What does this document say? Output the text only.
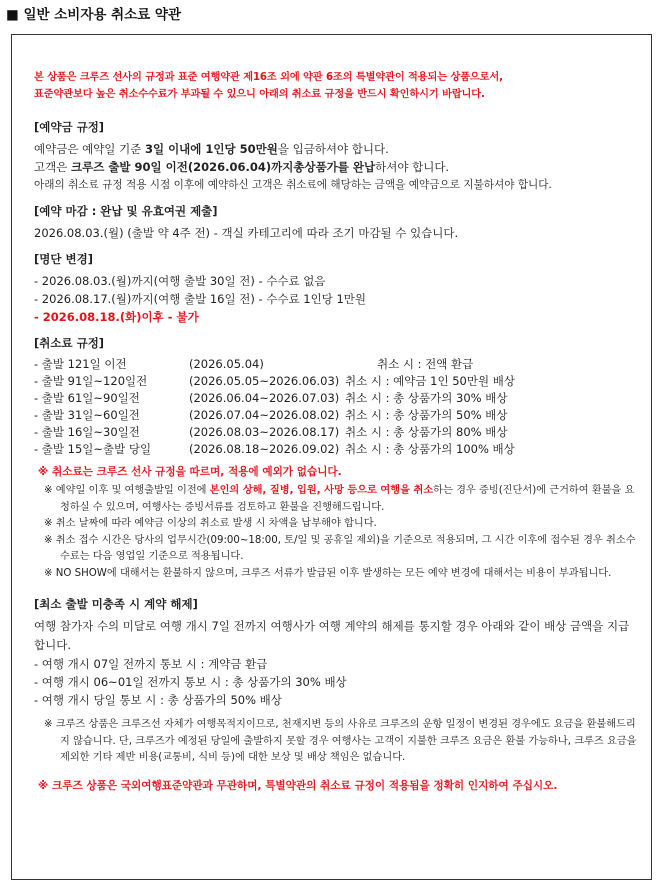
■ 일반 소비자용 취소료 약관
본 상품은 크루즈 선사의 규정과 표준 여행약관 제16조 외에 약관 6조의 특별약관이 적용되는 상품으로서,
표준약관보다 높은 취소수수료가 부과될 수 있으니 아래의 취소료 규정을 반드시 확인하시기 바랍니다.
[예약금 규정]
예약금은 예약일 기준 3일 이내에 1인당 50만원을 입금하셔야 합니다.
고객은 크루즈 출발 90일 이전(2026.06.04)까지총상품가를 완납하셔야 합니다.
아래의 취소료 규정 적용 시점 이후에 예약하신 고객은 취소료에 해당하는 금액을 예약금으로 지불하셔야 합니다.
[예약 마감 : 완납 및 유효여권 제출]
2026.08.03.(월) (출발 약 4주 전) - 객실 카테고리에 따라 조기 마감될 수 있습니다.
[명단 변경]
- 2026.08.03.(월)까지(여행 출발 30일 전) - 수수료 없음
- 2026.08.17.(월)까지(여행 출발 16일 전) - 수수료 1인당 1만원
- 2026.08.18.(화)이후 - 불가
[취소료 규정]
- 출발 121일 이전	(2026.05.04)	취소 시 : 전액 환급
- 출발 91일~120일전	(2026.05.05~2026.06.03) 취소 시 : 예약금 1인 50만원 배상
- 출발 61일~90일전	(2026.06.04~2026.07.03) 취소 시 : 총 상품가의 30% 배상
- 출발 31일~60일전	(2026.07.04~2026.08.02) 취소 시 : 총 상품가의 50% 배상
- 출발 16일~30일전	(2026.08.03~2026.08.17) 취소 시 : 총 상품가의 80% 배상
- 출발 15일~출발 당일	(2026.08.18~2026.09.02) 취소 시 : 총 상품가의 100% 배상
※ 취소료는 크루즈 선사 규정을 따르며, 적용에 예외가 없습니다.
※ 예약일 이후 및 여행출발일 이전에 본인의 상해, 질병, 입원, 사망 등으로 여행을 취소하는 경우 증빙(진단서)에 근거하여 환불을 요청하실 수 있으며, 여행사는 증빙서류를 검토하고 환불을 진행해드립니다.
※ 취소 날짜에 따라 예약금 이상의 취소료 발생 시 차액을 납부해야 합니다.
※ 취소 접수 시간은 당사의 업무시간(09:00~18:00, 토/일 및 공휴일 제외)을 기준으로 적용되며, 그 시간 이후에 접수된 경우 취소수수료는 다음 영업일 기준으로 적용됩니다.
※ NO SHOW에 대해서는 환불하지 않으며, 크루즈 서류가 발급된 이후 발생하는 모든 예약 변경에 대해서는 비용이 부과됩니다.
[최소 출발 미충족 시 계약 해제]
여행 참가자 수의 미달로 여행 개시 7일 전까지 여행사가 여행 계약의 해제를 통지할 경우 아래와 같이 배상 금액을 지급합니다.
- 여행 개시 07일 전까지 통보 시 : 계약금 환급
- 여행 개시 06~01일 전까지 통보 시 : 총 상품가의 30% 배상
- 여행 개시 당일 통보 시 : 총 상품가의 50% 배상
※ 크루즈 상품은 크루즈선 자체가 여행목적지이므로, 천재지변 등의 사유로 크루즈의 운항 일정이 변경된 경우에도 요금을 환불해드리지 않습니다. 단, 크루즈가 예정된 당일에 출발하지 못할 경우 여행사는 고객이 지불한 크루즈 요금은 환불 가능하나, 크루즈 요금을 제외한 기타 제반 비용(교통비, 식비 등)에 대한 보상 및 배상 책임은 없습니다.
※ 크루즈 상품은 국외여행표준약관과 무관하며, 특별약관의 취소료 규정이 적용됨을 정확히 인지하여 주십시오.
